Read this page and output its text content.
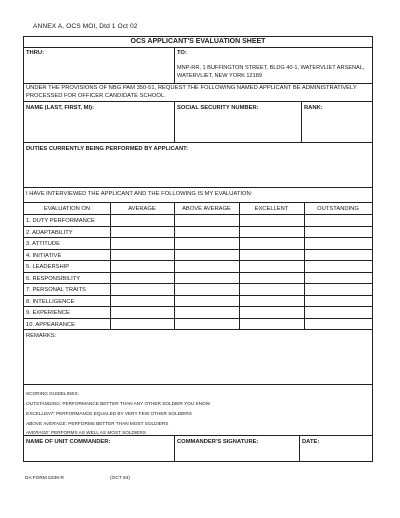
ANNEX A, OCS MOI, Dtd 1 Oct 02
OCS APPLICANT'S EVALUATION SHEET
THRU:	TO:
MNP-RR, 1 BUFFINGTON STREET, BLDG 40-1, WATERVLIET ARSENAL, WATERVLIET, NEW YORK 12189
UNDER THE PROVISIONS OF NBG PAM 350-51, REQUEST THE FOLLOWING NAMED APPLICANT BE ADMINISTRATIVELY PROCESSED FOR OFFICER CANDIDATE SCHOOL.
NAME (LAST, FIRST, MI):	SOCIAL SECURITY NUMBER:	RANK:
DUTIES CURRENTLY BEING PERFORMED BY APPLICANT:
I HAVE INTERVIEWED THE APPLICANT AND THE FOLLOWING IS MY EVALUATION:
EVALUATION ON	AVERAGE	ABOVE AVERAGE	EXCELLENT	OUTSTANDING
1. DUTY PERFORMANCE
2. ADAPTABILITY
3. ATTITUDE
4. INITIATIVE
5. LEADERSHIP
6. RESPONSIBILITY
7. PERSONAL TRAITS
8. INTELLIGENCE
9. EXPERIENCE
10. APPEARANCE
REMARKS:
SCORING GUIDELINES:
OUTSTANDING: PERFORMANCE BETTER THAN ANY OTHER SOLDIER YOU KNOW
EXCELLENT: PERFORMANCE EQUALED BY VERY FEW OTHER SOLDIERS
ABOVE AVERAGE: PERFORMS BETTER THAN MOST SOLDIERS
AVERAGE: PERFORMS AS WELL AS MOST SOLDIERS
NAME OF UNIT COMMANDER:	COMMANDER'S SIGNATURE:	DATE:
DA FORM 5339-R	(OCT 84)
